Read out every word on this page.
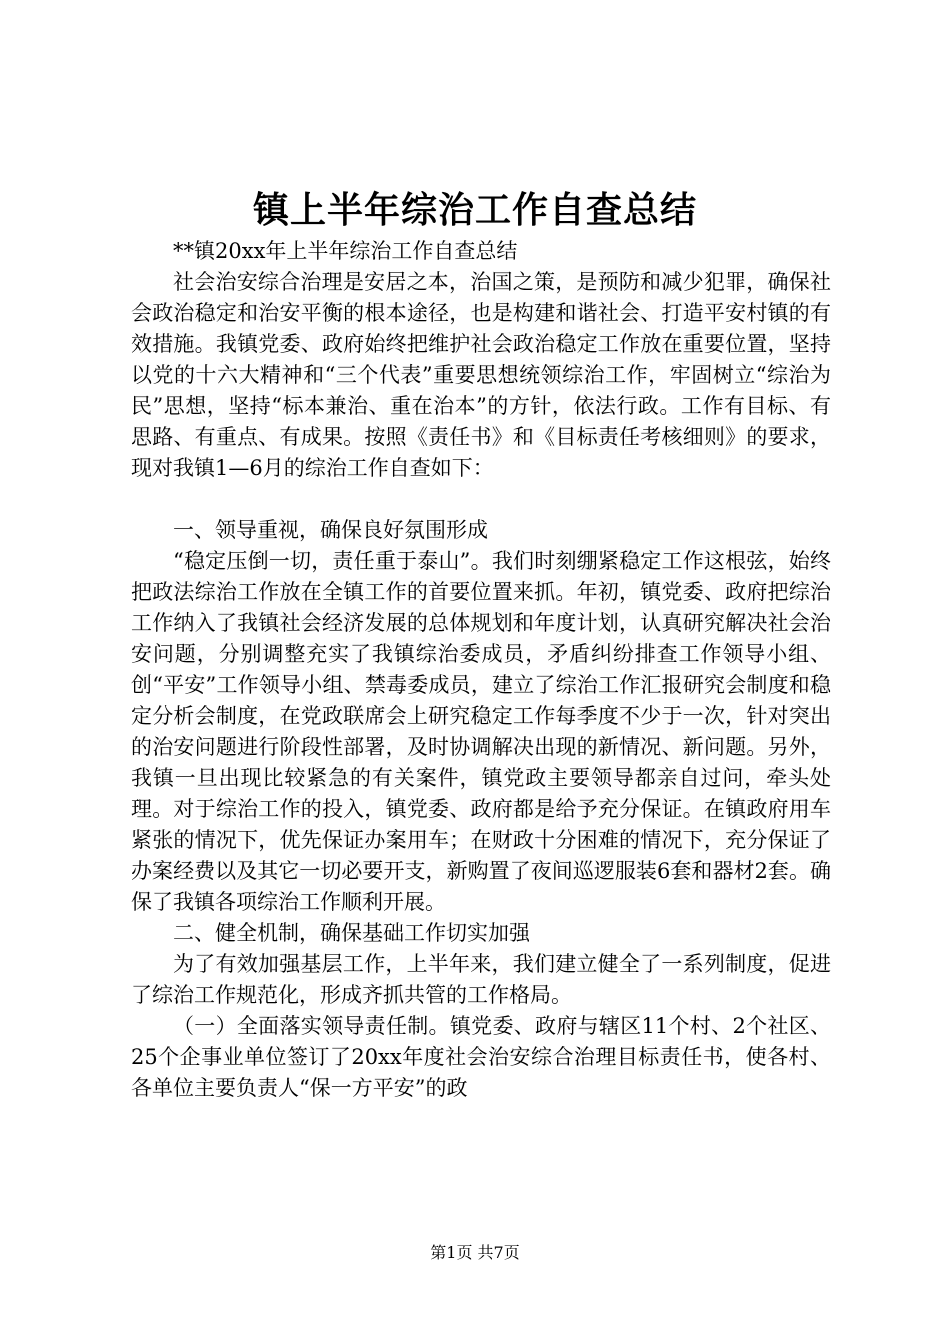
镇上半年综治工作自查总结

**镇20xx年上半年综治工作自查总结

社会治安综合治理是安居之本，治国之策，是预防和减少犯罪，确保社会政治稳定和治安平衡的根本途径，也是构建和谐社会、打造平安村镇的有效措施。我镇党委、政府始终把维护社会政治稳定工作放在重要位置，坚持以党的十六大精神和“三个代表”重要思想统领综治工作，牢固树立“综治为民”思想，坚持“标本兼治、重在治本”的方针，依法行政。工作有目标、有思路、有重点、有成果。按照《责任书》和《目标责任考核细则》的要求，现对我镇1—6月的综治工作自查如下：

一、领导重视，确保良好氛围形成

“稳定压倒一切，责任重于泰山”。我们时刻绷紧稳定工作这根弦，始终把政法综治工作放在全镇工作的首要位置来抓。年初，镇党委、政府把综治工作纳入了我镇社会经济发展的总体规划和年度计划，认真研究解决社会治安问题，分别调整充实了我镇综治委成员，矛盾纠纷排查工作领导小组、创“平安”工作领导小组、禁毒委成员，建立了综治工作汇报研究会制度和稳定分析会制度，在党政联席会上研究稳定工作每季度不少于一次，针对突出的治安问题进行阶段性部署，及时协调解决出现的新情况、新问题。另外，我镇一旦出现比较紧急的有关案件，镇党政主要领导都亲自过问，牵头处理。对于综治工作的投入，镇党委、政府都是给予充分保证。在镇政府用车紧张的情况下，优先保证办案用车；在财政十分困难的情况下，充分保证了办案经费以及其它一切必要开支，新购置了夜间巡逻服装6套和器材2套。确保了我镇各项综治工作顺利开展。

二、健全机制，确保基础工作切实加强

为了有效加强基层工作，上半年来，我们建立健全了一系列制度，促进了综治工作规范化，形成齐抓共管的工作格局。

（一）全面落实领导责任制。镇党委、政府与辖区11个村、2个社区、25个企事业单位签订了20xx年度社会治安综合治理目标责任书，使各村、各单位主要负责人“保一方平安”的政

第1页 共7页
